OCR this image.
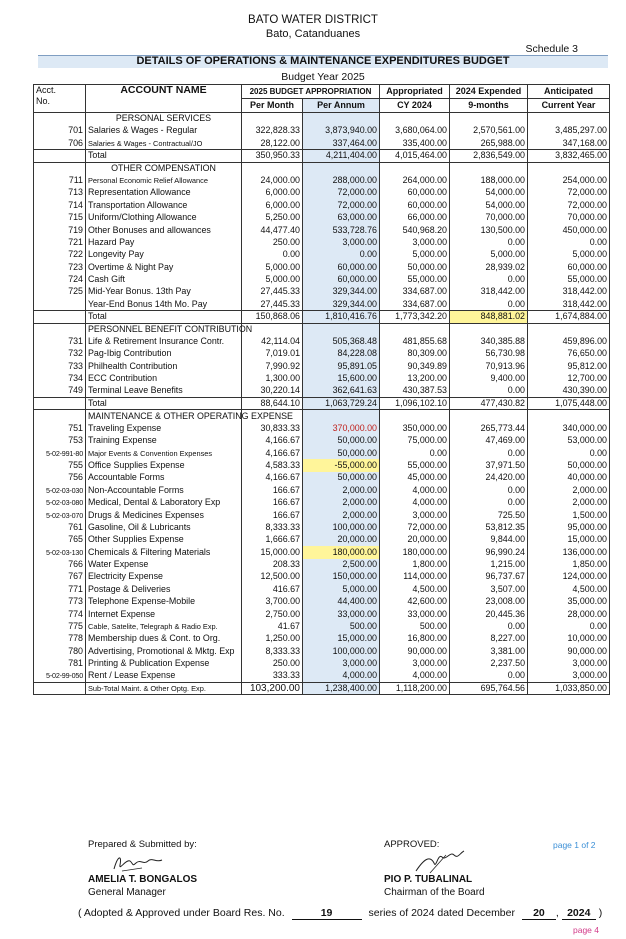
BATO WATER DISTRICT
Bato, Catanduanes
Schedule 3
DETAILS OF OPERATIONS & MAINTENANCE EXPENDITURES BUDGET
Budget Year 2025
Acct.
No.	ACCOUNT NAME	2025 BUDGET APPROPRIATION		Appropriated	2024 Expended	Anticipated
		Per Month	Per Annum	CY 2024	9-months	Current Year
	PERSONAL SERVICES					
701	Salaries & Wages - Regular	322,828.33	3,873,940.00	3,680,064.00	2,570,561.00	3,485,297.00
706	Salaries & Wages - Contractual/JO	28,122.00	337,464.00	335,400.00	265,988.00	347,168.00
	Total	350,950.33	4,211,404.00	4,015,464.00	2,836,549.00	3,832,465.00
	OTHER COMPENSATION					
711	Personal Economic Relief Allowance	24,000.00	288,000.00	264,000.00	188,000.00	254,000.00
713	Representation Allowance	6,000.00	72,000.00	60,000.00	54,000.00	72,000.00
714	Transportation Allowance	6,000.00	72,000.00	60,000.00	54,000.00	72,000.00
715	Uniform/Clothing Allowance	5,250.00	63,000.00	66,000.00	70,000.00	70,000.00
719	Other Bonuses and allowances	44,477.40	533,728.76	540,968.20	130,500.00	450,000.00
721	Hazard Pay	250.00	3,000.00	3,000.00	0.00	0.00
722	Longevity Pay	0.00	0.00	5,000.00	5,000.00	5,000.00
723	Overtime & Night Pay	5,000.00	60,000.00	50,000.00	28,939.02	60,000.00
724	Cash Gift	5,000.00	60,000.00	55,000.00	0.00	55,000.00
725	Mid-Year Bonus. 13th Pay	27,445.33	329,344.00	334,687.00	318,442.00	318,442.00
	Year-End Bonus 14th Mo. Pay	27,445.33	329,344.00	334,687.00	0.00	318,442.00
	Total	150,868.06	1,810,416.76	1,773,342.20	848,881.02	1,674,884.00
	PERSONNEL BENEFIT CONTRIBUTION					
731	Life & Retirement Insurance Contr.	42,114.04	505,368.48	481,855.68	340,385.88	459,896.00
732	Pag-Ibig Contribution	7,019.01	84,228.08	80,309.00	56,730.98	76,650.00
733	Philhealth Contribution	7,990.92	95,891.05	90,349.89	70,913.96	95,812.00
734	ECC Contribution	1,300.00	15,600.00	13,200.00	9,400.00	12,700.00
749	Terminal Leave Benefits	30,220.14	362,641.63	430,387.53	0.00	430,390.00
	Total	88,644.10	1,063,729.24	1,096,102.10	477,430.82	1,075,448.00
	MAINTENANCE & OTHER OPERATING EXPENSE					
751	Traveling Expense	30,833.33	370,000.00	350,000.00	265,773.44	340,000.00
753	Training Expense	4,166.67	50,000.00	75,000.00	47,469.00	53,000.00
5-02-991-80	Major Events & Convention Expenses	4,166.67	50,000.00	0.00	0.00	0.00
755	Office Supplies Expense	4,583.33	-55,000.00	55,000.00	37,971.50	50,000.00
756	Accountable Forms	4,166.67	50,000.00	45,000.00	24,420.00	40,000.00
5-02-03-030	Non-Accountable Forms	166.67	2,000.00	4,000.00	0.00	2,000.00
5-02-03-080	Medical, Dental & Laboratory Exp	166.67	2,000.00	4,000.00	0.00	2,000.00
5-02-03-070	Drugs & Medicines Expenses	166.67	2,000.00	3,000.00	725.50	1,500.00
761	Gasoline, Oil & Lubricants	8,333.33	100,000.00	72,000.00	53,812.35	95,000.00
765	Other Supplies Expense	1,666.67	20,000.00	20,000.00	9,844.00	15,000.00
5-02-03-130	Chemicals & Filtering Materials	15,000.00	180,000.00	180,000.00	96,990.24	136,000.00
766	Water Expense	208.33	2,500.00	1,800.00	1,215.00	1,850.00
767	Electricity Expense	12,500.00	150,000.00	114,000.00	96,737.67	124,000.00
771	Postage & Deliveries	416.67	5,000.00	4,500.00	3,507.00	4,500.00
773	Telephone Expense-Mobile	3,700.00	44,400.00	42,600.00	23,008.00	35,000.00
774	Internet Expense	2,750.00	33,000.00	33,000.00	20,445.36	28,000.00
775	Cable, Satelite, Telegraph & Radio Exp.	41.67	500.00	500.00	0.00	0.00
778	Membership dues & Cont. to Org.	1,250.00	15,000.00	16,800.00	8,227.00	10,000.00
780	Advertising, Promotional & Mktg. Exp	8,333.33	100,000.00	90,000.00	3,381.00	90,000.00
781	Printing & Publication Expense	250.00	3,000.00	3,000.00	2,237.50	3,000.00
5-02-99-050	Rent / Lease Expense	333.33	4,000.00	4,000.00	0.00	3,000.00
	Sub-Total Maint. & Other Optg. Exp.	103,200.00	1,238,400.00	1,118,200.00	695,764.56	1,033,850.00
Prepared & Submitted by:	APPROVED:	page 1 of 2
AMELIA T. BONGALOS
General Manager
PIO P. TUBALINAL
Chairman of the Board
( Adopted & Approved under Board Res. No.	19	series of 2024 dated December 20 , 2024 )
page 4
